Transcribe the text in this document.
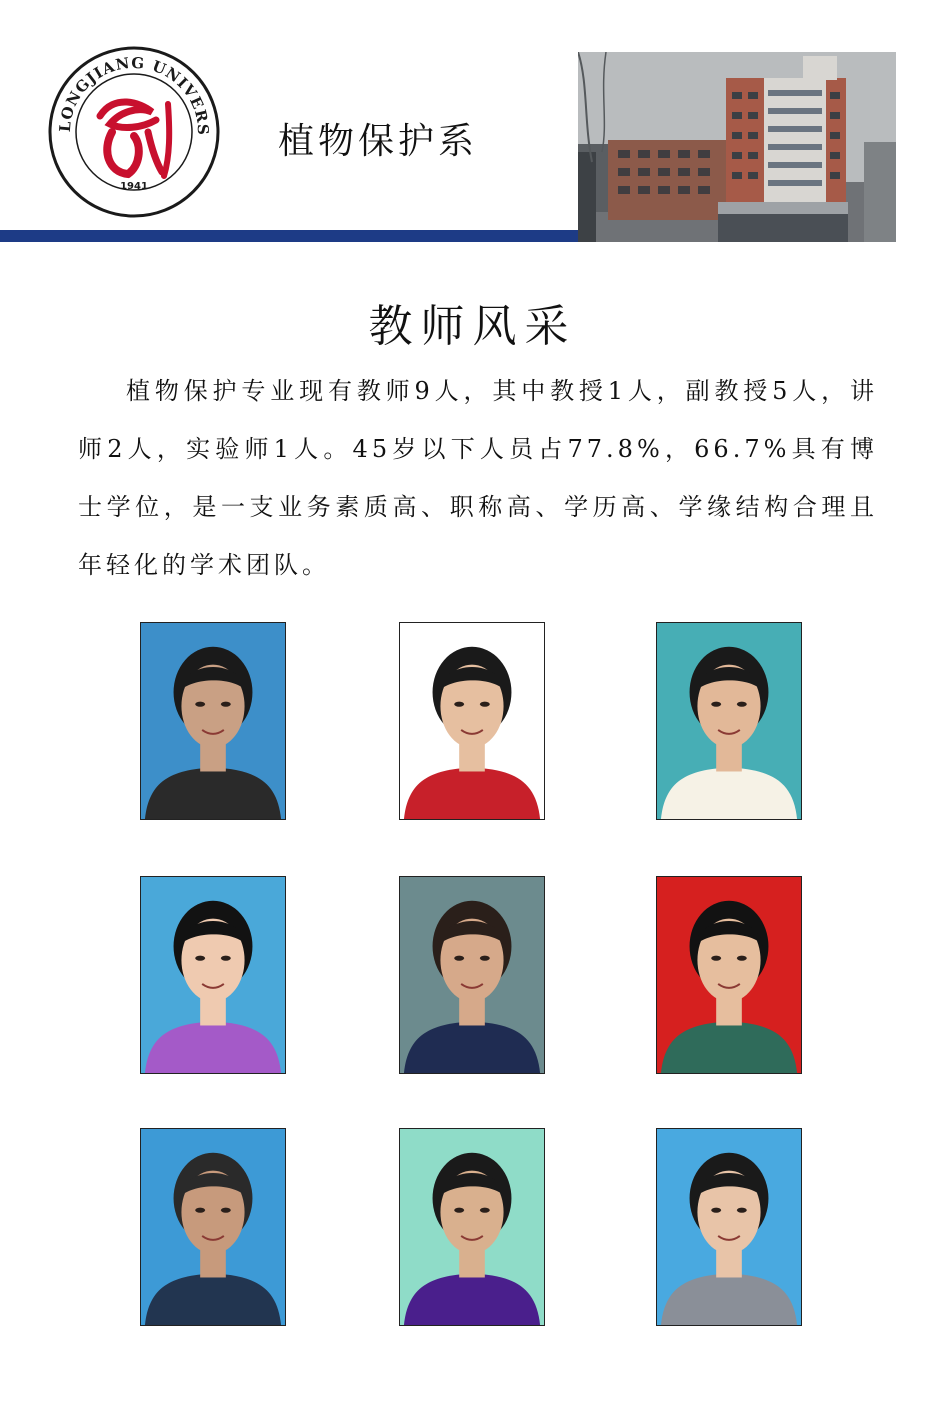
LONGJIANG UNIVERS
1941
植物保护系
教师风采

植物保护专业现有教师9人，其中教授1人，副教授5人，讲师2人，实验师1人。45岁以下人员占77.8%，66.7%具有博士学位，是一支业务素质高、职称高、学历高、学缘结构合理且年轻化的学术团队。
